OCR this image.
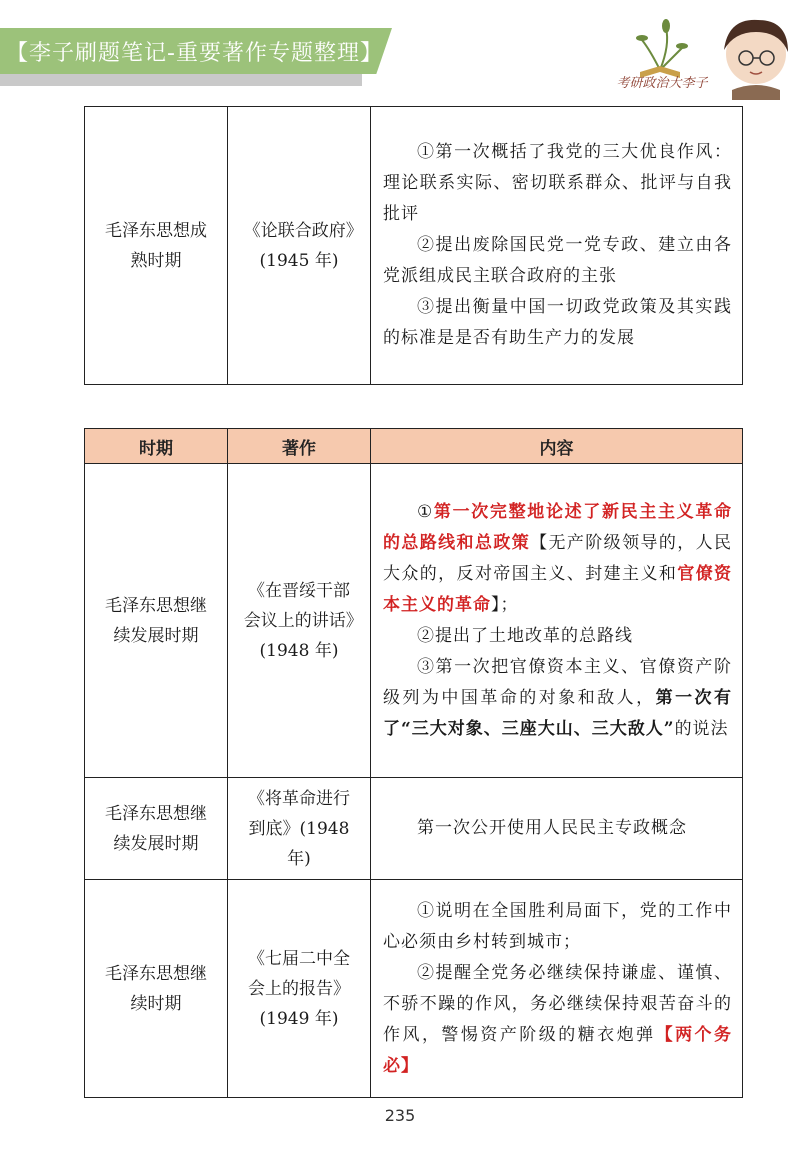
【李子刷题笔记-重要著作专题整理】
考研政治大李子
毛泽东思想成熟时期	《论联合政府》(1945 年)	

①第一次概括了我党的三大优良作风：理论联系实际、密切联系群众、批评与自我批评

②提出废除国民党一党专政、建立由各党派组成民主联合政府的主张

③提出衡量中国一切政党政策及其实践的标准是是否有助生产力的发展

时期	著作	内容
毛泽东思想继续发展时期	《在晋绥干部会议上的讲话》(1948 年)	①第一次完整地论述了新民主主义革命的总路线和总政策【无产阶级领导的，人民大众的，反对帝国主义、封建主义和官僚资本主义的革命】；

②提出了土地改革的总路线

③第一次把官僚资本主义、官僚资产阶级列为中国革命的对象和敌人，第一次有了“三大对象、三座大山、三大敌人”的说法

毛泽东思想继续发展时期	《将革命进行到底》(1948 年)	第一次公开使用人民民主专政概念

毛泽东思想继续时期	《七届二中全会上的报告》(1949 年)	①说明在全国胜利局面下，党的工作中心必须由乡村转到城市；

②提醒全党务必继续保持谦虚、谨慎、不骄不躁的作风，务必继续保持艰苦奋斗的作风，警惕资产阶级的糖衣炮弹【两个务必】

235
